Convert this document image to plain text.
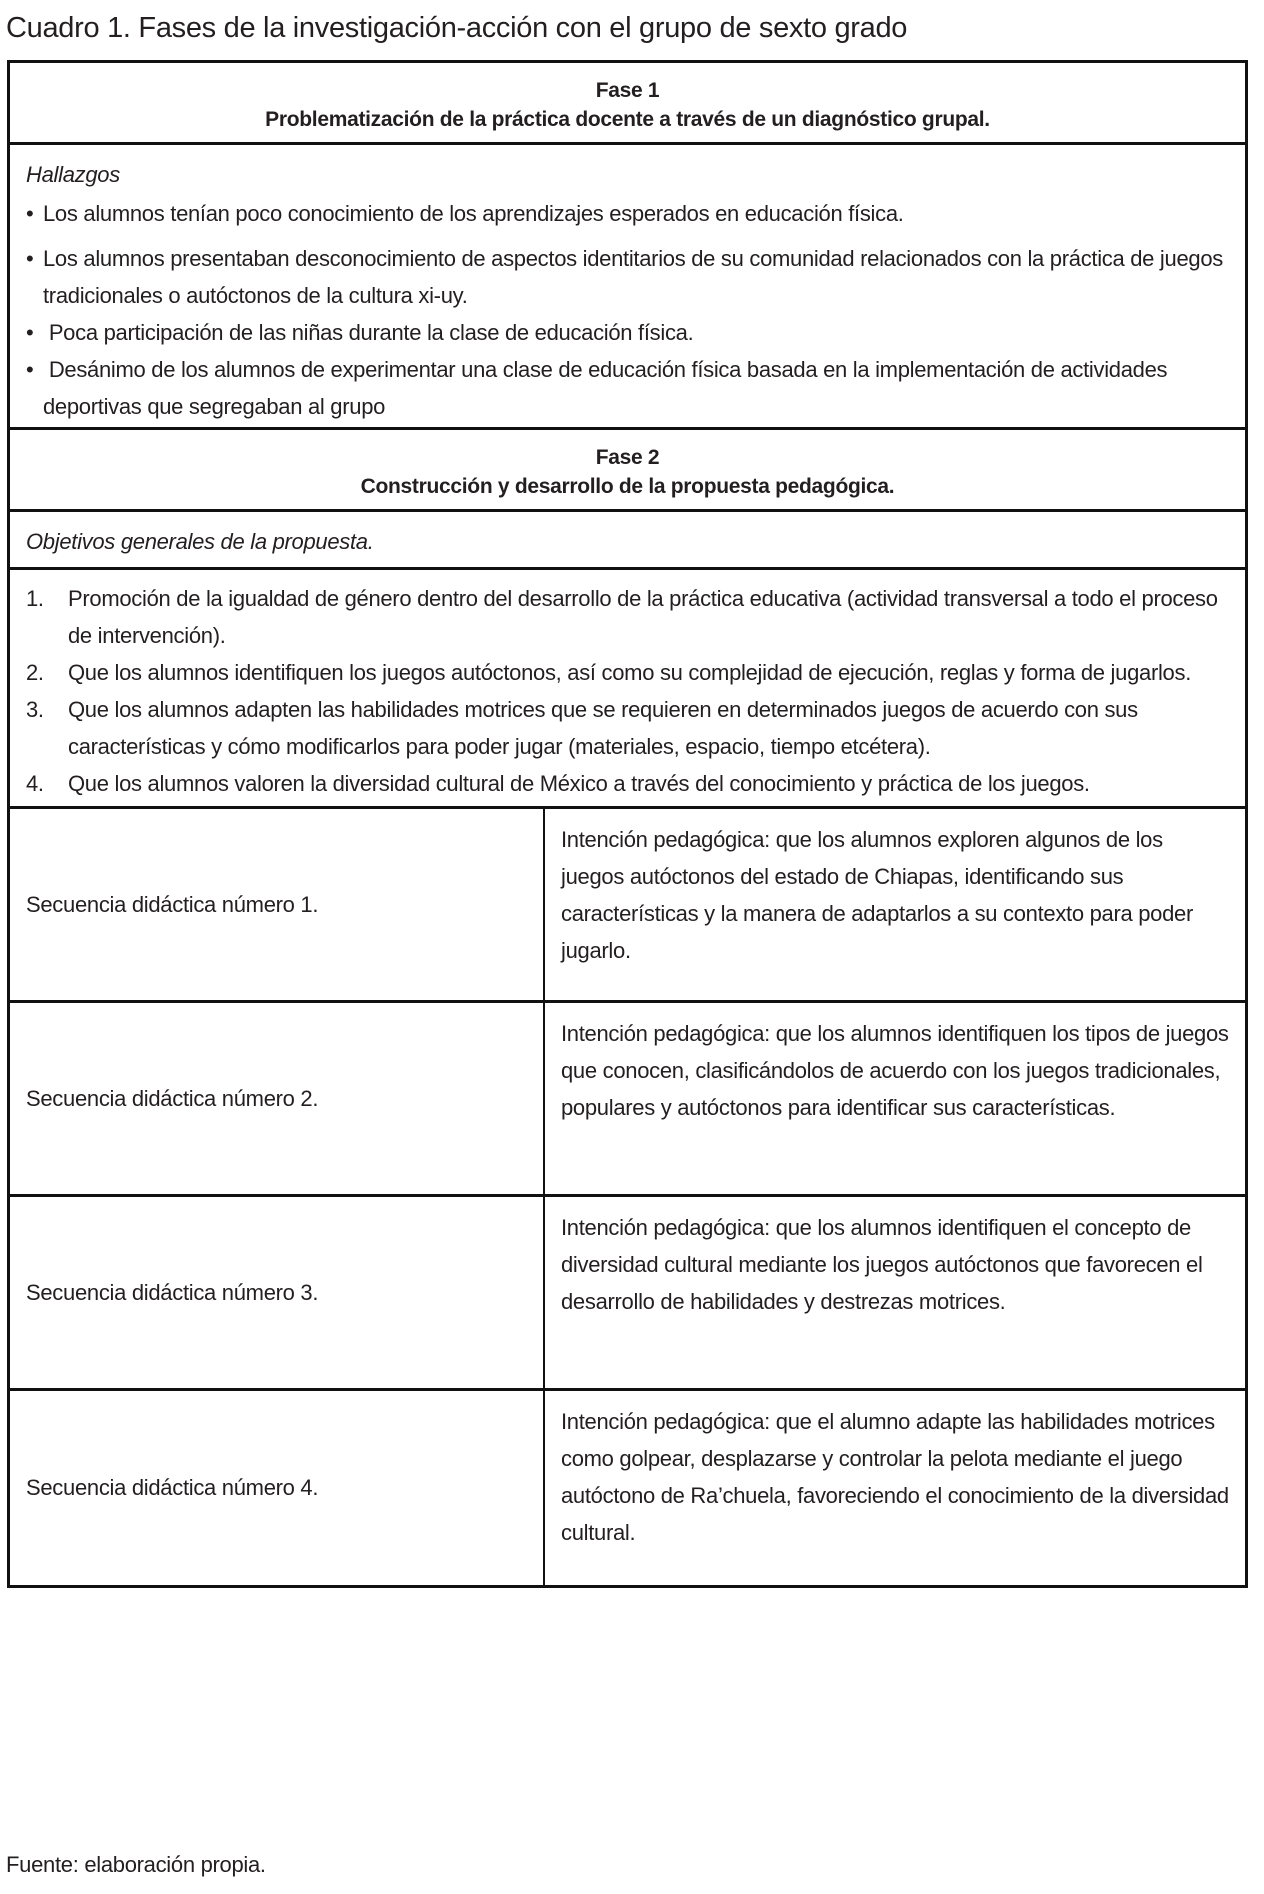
Cuadro 1. Fases de la investigación-acción con el grupo de sexto grado
Fase 1
Problematización de la práctica docente a través de un diagnóstico grupal.
Hallazgos
• Los alumnos tenían poco conocimiento de los aprendizajes esperados en educación física.
• Los alumnos presentaban desconocimiento de aspectos identitarios de su comunidad relacionados con la práctica de juegos tradicionales o autóctonos de la cultura xi-uy.
• Poca participación de las niñas durante la clase de educación física.
• Desánimo de los alumnos de experimentar una clase de educación física basada en la implementación de actividades deportivas que segregaban al grupo
Fase 2
Construcción y desarrollo de la propuesta pedagógica.
Objetivos generales de la propuesta.
1.	Promoción de la igualdad de género dentro del desarrollo de la práctica educativa (actividad transversal a todo el proceso de intervención).
2.	Que los alumnos identifiquen los juegos autóctonos, así como su complejidad de ejecución, reglas y forma de jugarlos.
3.	Que los alumnos adapten las habilidades motrices que se requieren en determinados juegos de acuerdo con sus características y cómo modificarlos para poder jugar (materiales, espacio, tiempo etcétera).
4.	Que los alumnos valoren la diversidad cultural de México a través del conocimiento y práctica de los juegos.
Secuencia didáctica número 1.
Intención pedagógica: que los alumnos exploren algunos de los juegos autóctonos del estado de Chiapas, identificando sus características y la manera de adaptarlos a su contexto para poder jugarlo.
Secuencia didáctica número 2.
Intención pedagógica: que los alumnos identifiquen los tipos de juegos que conocen, clasificándolos de acuerdo con los juegos tradicionales, populares y autóctonos para identificar sus características.
Secuencia didáctica número 3.
Intención pedagógica: que los alumnos identifiquen el concepto de diversidad cultural mediante los juegos autóctonos que favorecen el desarrollo de habilidades y destrezas motrices.
Secuencia didáctica número 4.
Intención pedagógica: que el alumno adapte las habilidades motrices como golpear, desplazarse y controlar la pelota mediante el juego autóctono de Ra’chuela, favoreciendo el conocimiento de la diversidad cultural.
Fuente: elaboración propia.
